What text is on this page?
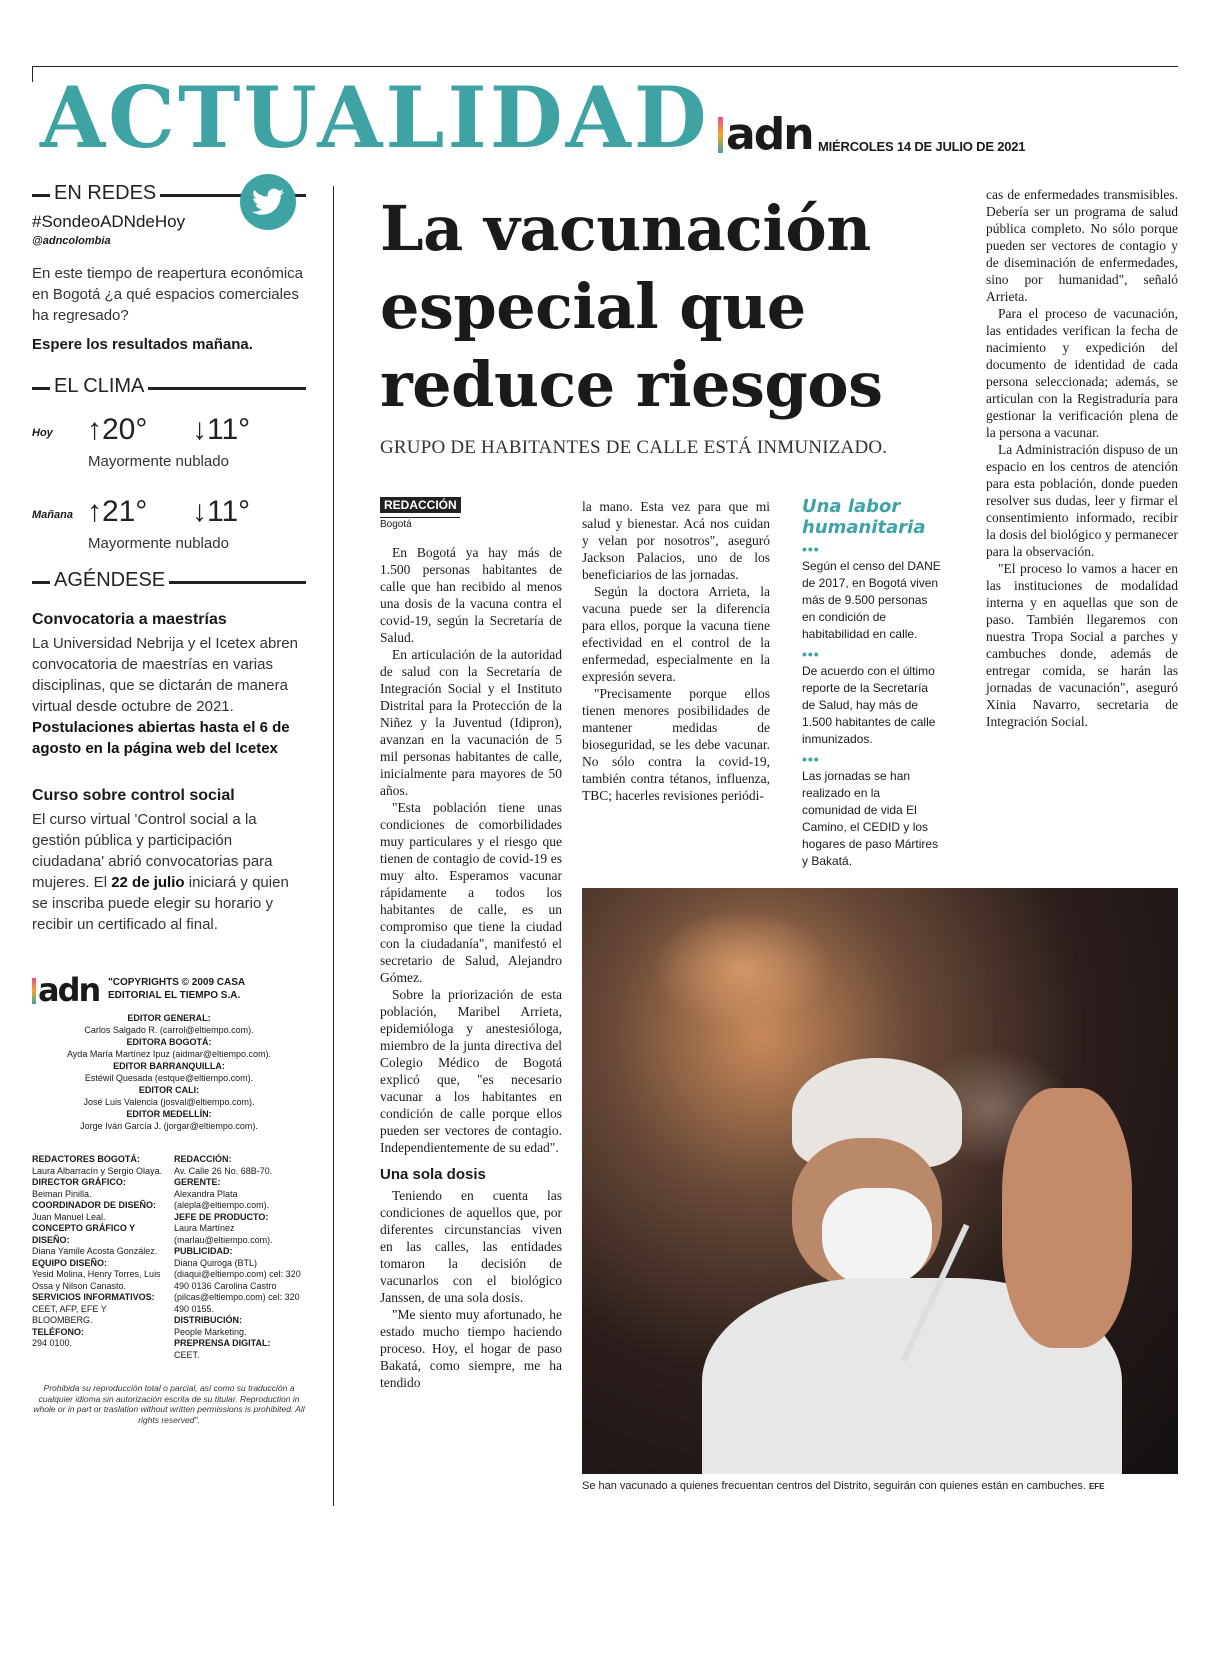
ACTUALIDAD adn MIÉRCOLES 14 DE JULIO DE 2021
EN REDES
#SondeoADNdeHoy
@adncolombia
En este tiempo de reapertura económica en Bogotá ¿a qué espacios comerciales ha regresado?
Espere los resultados mañana.
EL CLIMA
Hoy ↑20° ↓11°
Mayormente nublado
Mañana ↑21° ↓11°
Mayormente nublado
AGÉNDESE
Convocatoria a maestrías
La Universidad Nebrija y el Icetex abren convocatoria de maestrías en varias disciplinas, que se dictarán de manera virtual desde octubre de 2021. Postulaciones abiertas hasta el 6 de agosto en la página web del Icetex
Curso sobre control social
El curso virtual 'Control social a la gestión pública y participación ciudadana' abrió convocatorias para mujeres. El 22 de julio iniciará y quien se inscriba puede elegir su horario y recibir un certificado al final.
adn "COPYRIGHTS © 2009 CASA EDITORIAL EL TIEMPO S.A.
EDITOR GENERAL:
Carlos Salgado R. (carrol@eltiempo.com).
EDITORA BOGOTÁ:
Ayda María Martínez Ipuz (aidmar@eltiempo.com).
EDITOR BARRANQUILLA:
Estéwil Quesada (estque@eltiempo.com).
EDITOR CALI:
José Luis Valencia (josval@eltiempo.com).
EDITOR MEDELLÍN:
Jorge Iván García J. (jorgar@eltiempo.com).
REDACTORES BOGOTÁ:
Laura Albarracín y Sergio Olaya.
DIRECTOR GRÁFICO:
Beiman Pinilla.
COORDINADOR DE DISEÑO:
Juan Manuel Leal.
CONCEPTO GRÁFICO Y DISEÑO:
Diana Yamile Acosta González.
EQUIPO DISEÑO:
Yesid Molina, Henry Torres, Luis Ossa y Nilson Canasto.
SERVICIOS INFORMATIVOS:
CEET, AFP, EFE Y BLOOMBERG.
TELÉFONO:
294 0100.
REDACCIÓN:
Av. Calle 26 No. 68B-70.
GERENTE:
Alexandra Plata (alepla@eltiempo.com).
JEFE DE PRODUCTO:
Laura Martínez (marlau@eltiempo.com).
PUBLICIDAD:
Diana Quiroga (BTL) (diaqui@eltiempo.com) cel: 320 490 0136 Carolina Castro (pilcas@eltiempo.com) cel: 320 490 0155.
DISTRIBUCIÓN:
People Marketing.
PREPRENSA DIGITAL:
CEET.
Prohibida su reproducción total o parcial, así como su traducción a cualquier idioma sin autorización escrita de su titular. Reproduction in whole or in part or traslation without written permissions is prohibited. All rights reserved".
La vacunación especial que reduce riesgos
GRUPO DE HABITANTES DE CALLE ESTÁ INMUNIZADO.
REDACCIÓN
Bogotá

En Bogotá ya hay más de 1.500 personas habitantes de calle que han recibido al menos una dosis de la vacuna contra el covid-19, según la Secretaría de Salud.

En articulación de la autoridad de salud con la Secretaría de Integración Social y el Instituto Distrital para la Protección de la Niñez y la Juventud (Idipron), avanzan en la vacunación de 5 mil personas habitantes de calle, inicialmente para mayores de 50 años.

"Esta población tiene unas condiciones de comorbilidades muy particulares y el riesgo que tienen de contagio de covid-19 es muy alto. Esperamos vacunar rápidamente a todos los habitantes de calle, es un compromiso que tiene la ciudad con la ciudadanía", manifestó el secretario de Salud, Alejandro Gómez.

Sobre la priorización de esta población, Maribel Arrieta, epidemióloga y anestesióloga, miembro de la junta directiva del Colegio Médico de Bogotá explicó que, "es necesario vacunar a los habitantes en condición de calle porque ellos pueden ser vectores de contagio. Independientemente de su edad".

Una sola dosis

Teniendo en cuenta las condiciones de aquellos que, por diferentes circunstancias viven en las calles, las entidades tomaron la decisión de vacunarlos con el biológico Janssen, de una sola dosis.

"Me siento muy afortunado, he estado mucho tiempo haciendo proceso. Hoy, el hogar de paso Bakatá, como siempre, me ha tendido

la mano. Esta vez para que mi salud y bienestar. Acá nos cuidan y velan por nosotros", aseguró Jackson Palacios, uno de los beneficiarios de las jornadas.

Según la doctora Arrieta, la vacuna puede ser la diferencia para ellos, porque la vacuna tiene efectividad en el control de la enfermedad, especialmente en la expresión severa.

"Precisamente porque ellos tienen menores posibilidades de mantener medidas de bioseguridad, se les debe vacunar. No sólo contra la covid-19, también contra tétanos, influenza, TBC; hacerles revisiones periódi-

Una labor humanitaria
•••

Según el censo del DANE de 2017, en Bogotá viven más de 9.500 personas en condición de habitabilidad en calle.

•••

De acuerdo con el último reporte de la Secretaría de Salud, hay más de 1.500 habitantes de calle inmunizados.

•••

Las jornadas se han realizado en la comunidad de vida El Camino, el CEDID y los hogares de paso Mártires y Bakatá.

cas de enfermedades transmisibles. Debería ser un programa de salud pública completo. No sólo porque pueden ser vectores de contagio y de diseminación de enfermedades, sino por humanidad", señaló Arrieta.

Para el proceso de vacunación, las entidades verifican la fecha de nacimiento y expedición del documento de identidad de cada persona seleccionada; además, se articulan con la Registraduría para gestionar la verificación plena de la persona a vacunar.

La Administración dispuso de un espacio en los centros de atención para esta población, donde pueden resolver sus dudas, leer y firmar el consentimiento informado, recibir la dosis del biológico y permanecer para la observación.

"El proceso lo vamos a hacer en las instituciones de modalidad interna y en aquellas que son de paso. También llegaremos con nuestra Tropa Social a parches y cambuches donde, además de entregar comida, se harán las jornadas de vacunación", aseguró Xinia Navarro, secretaria de Integración Social.

Se han vacunado a quienes frecuentan centros del Distrito, seguirán con quienes están en cambuches. EFE
